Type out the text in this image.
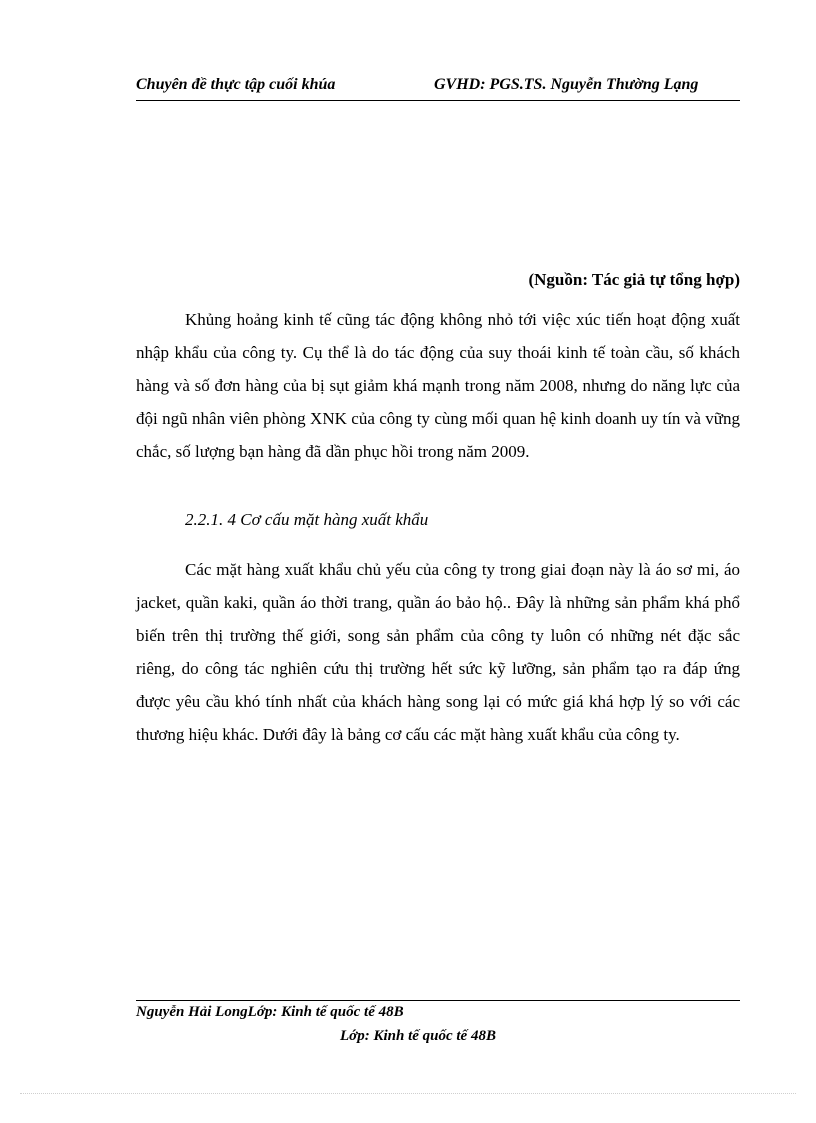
Chuyên đề thực tập cuối khúa	GVHD: PGS.TS. Nguyễn Thường Lạng
(Nguồn: Tác giả tự tổng hợp)

Khủng hoảng kinh tế cũng tác động không nhỏ tới việc xúc tiến hoạt động xuất nhập khẩu của công ty. Cụ thể là do tác động của suy thoái kinh tế toàn cầu, số khách hàng và số đơn hàng của bị sụt giảm khá mạnh trong năm 2008, nhưng do năng lực của đội ngũ nhân viên phòng XNK của công ty cùng mối quan hệ kinh doanh uy tín và vững chắc, số lượng bạn hàng đã dần phục hồi trong năm 2009.

2.2.1. 4 Cơ cấu mặt hàng xuất khẩu

Các mặt hàng xuất khẩu chủ yếu của công ty trong giai đoạn này là áo sơ mi, áo jacket, quần kaki, quần áo thời trang, quần áo bảo hộ.. Đây là những sản phẩm khá phổ biến trên thị trường thế giới, song sản phẩm của công ty luôn có những nét đặc sắc riêng, do công tác nghiên cứu thị trường hết sức kỹ lưỡng, sản phẩm tạo ra đáp ứng được yêu cầu khó tính nhất của khách hàng song lại có mức giá khá hợp lý so với các thương hiệu khác. Dưới đây là bảng cơ cấu các mặt hàng xuất khẩu của công ty.

Nguyễn Hải LongLớp: Kinh tế quốc tế 48B
Lớp: Kinh tế quốc tế 48B
